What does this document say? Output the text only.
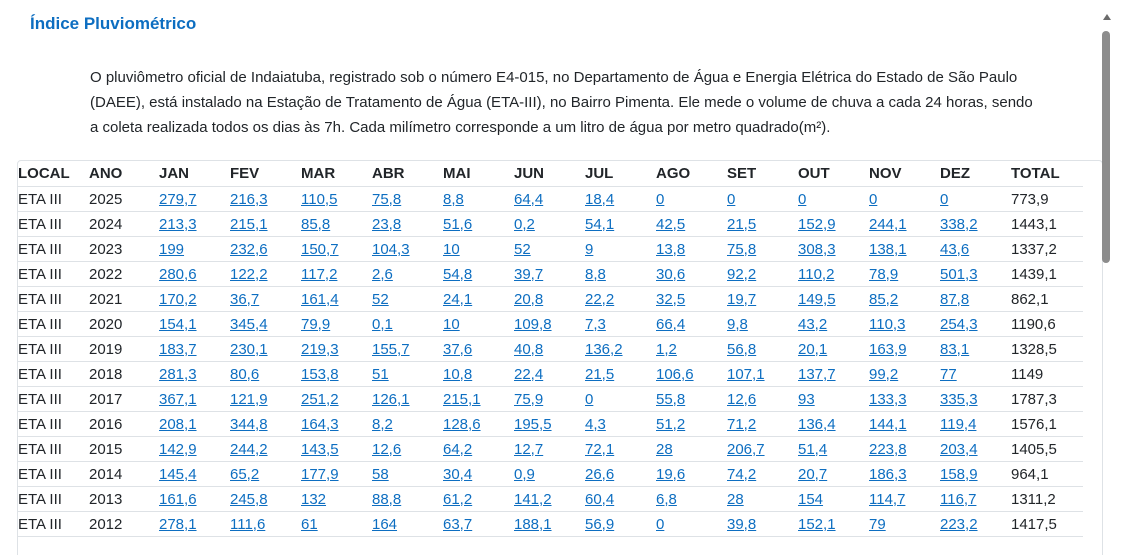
Índice Pluviométrico

O pluviômetro oficial de Indaiatuba, registrado sob o número E4-015, no Departamento de Água e Energia Elétrica do Estado de São Paulo (DAEE), está instalado na Estação de Tratamento de Água (ETA-III), no Bairro Pimenta. Ele mede o volume de chuva a cada 24 horas, sendo a coleta realizada todos os dias às 7h. Cada milímetro corresponde a um litro de água por metro quadrado(m²).

LOCAL	ANO	JAN	FEV	MAR	ABR	MAI	JUN	JUL	AGO	SET	OUT	NOV	DEZ	TOTAL
ETA III	2025	279,7	216,3	110,5	75,8	8,8	64,4	18,4	0	0	0	0	0	773,9
ETA III	2024	213,3	215,1	85,8	23,8	51,6	0,2	54,1	42,5	21,5	152,9	244,1	338,2	1443,1
ETA III	2023	199	232,6	150,7	104,3	10	52	9	13,8	75,8	308,3	138,1	43,6	1337,2
ETA III	2022	280,6	122,2	117,2	2,6	54,8	39,7	8,8	30,6	92,2	110,2	78,9	501,3	1439,1
ETA III	2021	170,2	36,7	161,4	52	24,1	20,8	22,2	32,5	19,7	149,5	85,2	87,8	862,1
ETA III	2020	154,1	345,4	79,9	0,1	10	109,8	7,3	66,4	9,8	43,2	110,3	254,3	1190,6
ETA III	2019	183,7	230,1	219,3	155,7	37,6	40,8	136,2	1,2	56,8	20,1	163,9	83,1	1328,5
ETA III	2018	281,3	80,6	153,8	51	10,8	22,4	21,5	106,6	107,1	137,7	99,2	77	1149
ETA III	2017	367,1	121,9	251,2	126,1	215,1	75,9	0	55,8	12,6	93	133,3	335,3	1787,3
ETA III	2016	208,1	344,8	164,3	8,2	128,6	195,5	4,3	51,2	71,2	136,4	144,1	119,4	1576,1
ETA III	2015	142,9	244,2	143,5	12,6	64,2	12,7	72,1	28	206,7	51,4	223,8	203,4	1405,5
ETA III	2014	145,4	65,2	177,9	58	30,4	0,9	26,6	19,6	74,2	20,7	186,3	158,9	964,1
ETA III	2013	161,6	245,8	132	88,8	61,2	141,2	60,4	6,8	28	154	114,7	116,7	1311,2
ETA III	2012	278,1	111,6	61	164	63,7	188,1	56,9	0	39,8	152,1	79	223,2	1417,5
